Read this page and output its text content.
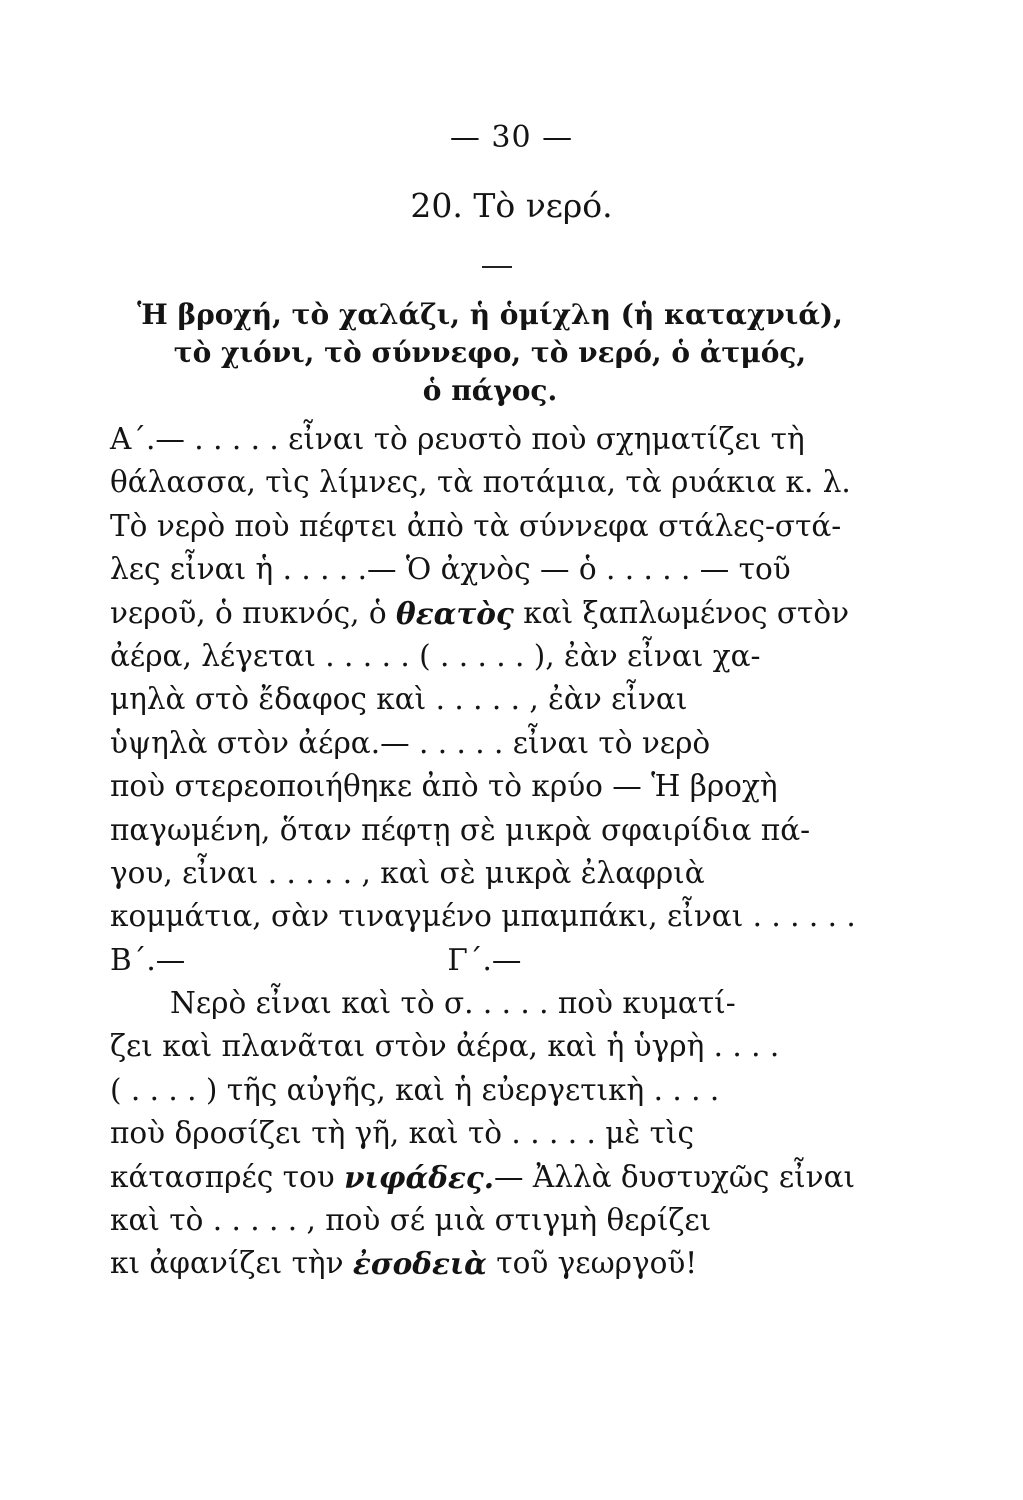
— 30 —
20. Τὸ νερό.
Ἡ βροχή, τὸ χαλάζι, ἡ ὁμίχλη (ἡ καταχνιά),
τὸ χιόνι, τὸ σύννεφο, τὸ νερό, ὁ ἀτμός,
ὁ πάγος.
Α΄.— . . . . . εἶναι τὸ ρευστὸ ποὺ σχηματίζει τὴ
θάλασσα, τὶς λίμνες, τὰ ποτάμια, τὰ ρυάκια κ. λ.
Τὸ νερὸ ποὺ πέφτει ἀπὸ τὰ σύννεφα στάλες-στά-
λες εἶναι ἡ . . . . .— Ὁ ἀχνὸς — ὁ . . . . . — τοῦ
νεροῦ, ὁ πυκνός, ὁ
θεατὸς
καὶ ξαπλωμένος στὸν
ἀέρα, λέγεται . . . . . ( . . . . . ), ἐὰν εἶναι χα-
μηλὰ στὸ ἔδαφος καὶ . . . . . , ἐὰν εἶναι
ὑψηλὰ στὸν ἀέρα.— . . . . . εἶναι τὸ νερὸ
ποὺ στερεοποιήθηκε ἀπὸ τὸ κρύο — Ἡ βροχὴ
παγωμένη, ὅταν πέφτῃ σὲ μικρὰ σφαιρίδια πά-
γου, εἶναι . . . . . , καὶ σὲ μικρὰ ἐλαφριὰ
κομμάτια, σὰν τιναγμένο μπαμπάκι, εἶναι . . . . . .
Β΄.—	Γ΄.—
Νερὸ εἶναι καὶ τὸ σ. . . . . ποὺ κυματί-
ζει καὶ πλανᾶται στὸν ἀέρα, καὶ ἡ ὑγρὴ . . . .
( . . . . ) τῆς αὐγῆς, καὶ ἡ εὐεργετικὴ . . . .
ποὺ δροσίζει τὴ γῆ, καὶ τὸ . . . . . μὲ τὶς
κάτασπρές του
νιφάδες. — Ἀλλὰ δυστυχῶς εἶναι
καὶ τὸ . . . . . , ποὺ σέ μιὰ στιγμὴ θερίζει
κι ἀφανίζει τὴν
ἐσοδειὰ
τοῦ γεωργοῦ!
